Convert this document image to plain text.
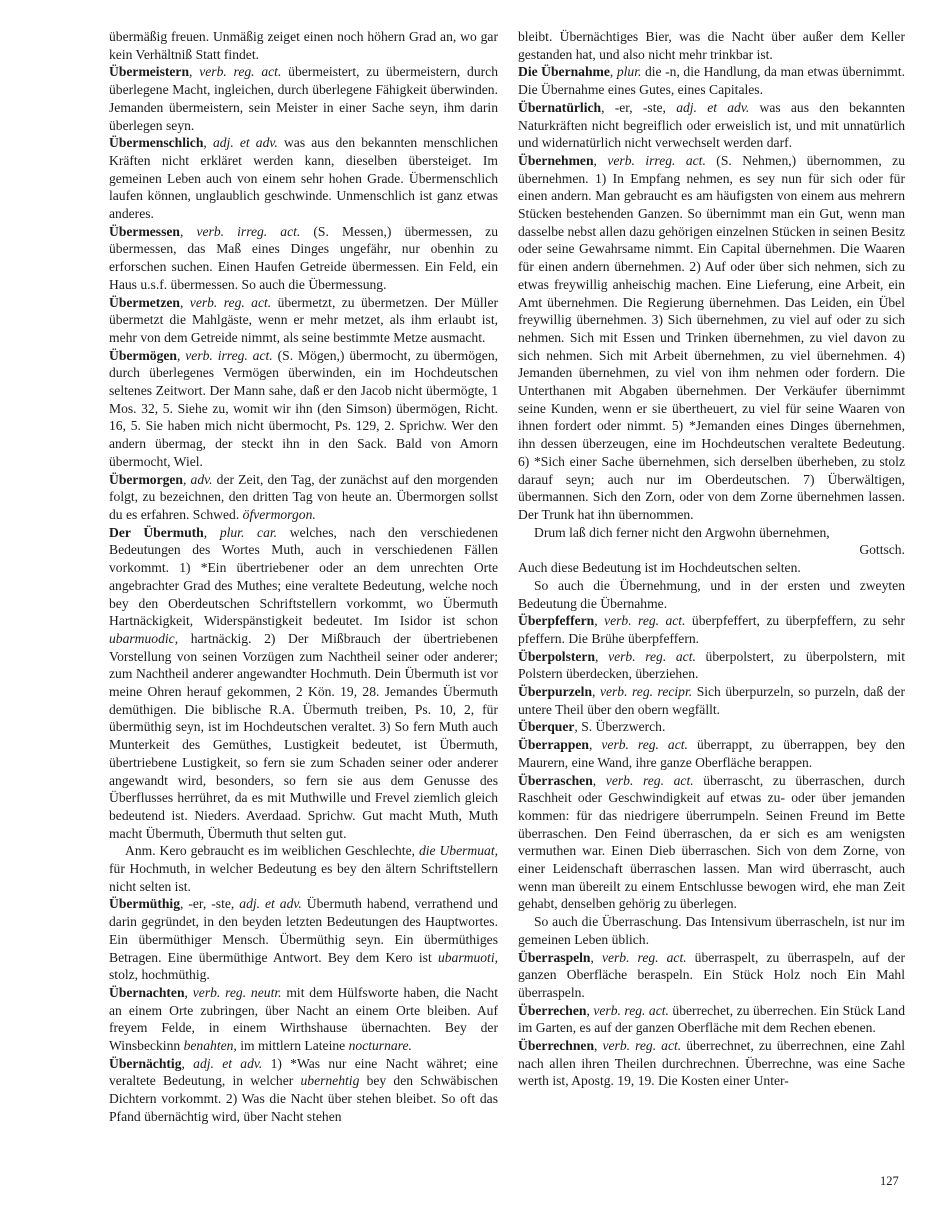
übermäßig freuen. Unmäßig zeiget einen noch höhern Grad an, wo gar kein Verhältniß Statt findet.

Übermeistern, verb. reg. act. übermeistert, zu übermeistern, durch überlegene Macht, ingleichen, durch überlegene Fähigkeit überwinden. Jemanden übermeistern, sein Meister in einer Sache seyn, ihm darin überlegen seyn.

Übermenschlich, adj. et adv. was aus den bekannten menschlichen Kräften nicht erkläret werden kann, dieselben übersteiget. Im gemeinen Leben auch von einem sehr hohen Grade. Übermenschlich laufen können, unglaublich geschwinde. Unmenschlich ist ganz etwas anderes.

Übermessen, verb. irreg. act. (S. Messen,) übermessen, zu übermessen, das Maß eines Dinges ungefähr, nur obenhin zu erforschen suchen. Einen Haufen Getreide übermessen. Ein Feld, ein Haus u.s.f. übermessen. So auch die Übermessung.

Übermetzen, verb. reg. act. übermetzt, zu übermetzen. Der Müller übermetzt die Mahlgäste, wenn er mehr metzet, als ihm erlaubt ist, mehr von dem Getreide nimmt, als seine bestimmte Metze ausmacht.

Übermögen, verb. irreg. act. (S. Mögen,) übermocht, zu übermögen, durch überlegenes Vermögen überwinden, ein im Hochdeutschen seltenes Zeitwort. Der Mann sahe, daß er den Jacob nicht übermögte, 1 Mos. 32, 5. Siehe zu, womit wir ihn (den Simson) übermögen, Richt. 16, 5. Sie haben mich nicht übermocht, Ps. 129, 2. Sprichw. Wer den andern übermag, der steckt ihn in den Sack. Bald von Amorn übermocht, Wiel.

Übermorgen, adv. der Zeit, den Tag, der zunächst auf den morgenden folgt, zu bezeichnen, den dritten Tag von heute an. Übermorgen sollst du es erfahren. Schwed. öfvermorgon.

Der Übermuth, plur. car. welches, nach den verschiedenen Bedeutungen des Wortes Muth, auch in verschiedenen Fällen vorkommt. 1) *Ein übertriebener oder an dem unrechten Orte angebrachter Grad des Muthes; eine veraltete Bedeutung, welche noch bey den Oberdeutschen Schriftstellern vorkommt, wo Übermuth Hartnäckigkeit, Widerspänstigkeit bedeutet. Im Isidor ist schon ubarmuodic, hartnäckig. 2) Der Mißbrauch der übertriebenen Vorstellung von seinen Vorzügen zum Nachtheil seiner oder anderer; zum Nachtheil anderer angewandter Hochmuth. Dein Übermuth ist vor meine Ohren herauf gekommen, 2 Kön. 19, 28. Jemandes Übermuth demüthigen. Die biblische R.A. Übermuth treiben, Ps. 10, 2, für übermüthig seyn, ist im Hochdeutschen veraltet. 3) So fern Muth auch Munterkeit des Gemüthes, Lustigkeit bedeutet, ist Übermuth, übertriebene Lustigkeit, so fern sie zum Schaden seiner oder anderer angewandt wird, besonders, so fern sie aus dem Genusse des Überflusses herrühret, da es mit Muthwille und Frevel ziemlich gleich bedeutend ist. Nieders. Averdaad. Sprichw. Gut macht Muth, Muth macht Übermuth, Übermuth thut selten gut.

Anm. Kero gebraucht es im weiblichen Geschlechte, die Ubermuat, für Hochmuth, in welcher Bedeutung es bey den ältern Schriftstellern nicht selten ist.

Übermüthig, -er, -ste, adj. et adv. Übermuth habend, verrathend und darin gegründet, in den beyden letzten Bedeutungen des Hauptwortes. Ein übermüthiger Mensch. Übermüthig seyn. Ein übermüthiges Betragen. Eine übermüthige Antwort. Bey dem Kero ist ubarmuoti, stolz, hochmüthig.

Übernachten, verb. reg. neutr. mit dem Hülfsworte haben, die Nacht an einem Orte zubringen, über Nacht an einem Orte bleiben. Auf freyem Felde, in einem Wirthshause übernachten. Bey der Winsbeckinn benahten, im mittlern Lateine nocturnare.

Übernächtig, adj. et adv. 1) *Was nur eine Nacht währet; eine veraltete Bedeutung, in welcher ubernehtig bey den Schwäbischen Dichtern vorkommt. 2) Was die Nacht über stehen bleibet. So oft das Pfand übernächtig wird, über Nacht stehen

bleibt. Übernächtiges Bier, was die Nacht über außer dem Keller gestanden hat, und also nicht mehr trinkbar ist.

Die Übernahme, plur. die -n, die Handlung, da man etwas übernimmt. Die Übernahme eines Gutes, eines Capitales.

Übernatürlich, -er, -ste, adj. et adv. was aus den bekannten Naturkräften nicht begreiflich oder erweislich ist, und mit unnatürlich und widernatürlich nicht verwechselt werden darf.

Übernehmen, verb. irreg. act. (S. Nehmen,) übernommen, zu übernehmen. 1) In Empfang nehmen, es sey nun für sich oder für einen andern. Man gebraucht es am häufigsten von einem aus mehrern Stücken bestehenden Ganzen. So übernimmt man ein Gut, wenn man dasselbe nebst allen dazu gehörigen einzelnen Stücken in seinen Besitz oder seine Gewahrsame nimmt. Ein Capital übernehmen. Die Waaren für einen andern übernehmen. 2) Auf oder über sich nehmen, sich zu etwas freywillig anheischig machen. Eine Lieferung, eine Arbeit, ein Amt übernehmen. Die Regierung übernehmen. Das Leiden, ein Übel freywillig übernehmen. 3) Sich übernehmen, zu viel auf oder zu sich nehmen. Sich mit Essen und Trinken übernehmen, zu viel davon zu sich nehmen. Sich mit Arbeit übernehmen, zu viel übernehmen. 4) Jemanden übernehmen, zu viel von ihm nehmen oder fordern. Die Unterthanen mit Abgaben übernehmen. Der Verkäufer übernimmt seine Kunden, wenn er sie übertheuert, zu viel für seine Waaren von ihnen fordert oder nimmt. 5) *Jemanden eines Dinges übernehmen, ihn dessen überzeugen, eine im Hochdeutschen veraltete Bedeutung. 6) *Sich einer Sache übernehmen, sich derselben überheben, zu stolz darauf seyn; auch nur im Oberdeutschen. 7) Überwältigen, übermannen. Sich den Zorn, oder von dem Zorne übernehmen lassen. Der Trunk hat ihn übernommen.

Drum laß dich ferner nicht den Argwohn übernehmen,

Gottsch.

Auch diese Bedeutung ist im Hochdeutschen selten.

So auch die Übernehmung, und in der ersten und zweyten Bedeutung die Übernahme.

Überpfeffern, verb. reg. act. überpfeffert, zu überpfeffern, zu sehr pfeffern. Die Brühe überpfeffern.

Überpolstern, verb. reg. act. überpolstert, zu überpolstern, mit Polstern überdecken, überziehen.

Überpurzeln, verb. reg. recipr. Sich überpurzeln, so purzeln, daß der untere Theil über den obern wegfällt.

Überquer, S. Überzwerch.

Überrappen, verb. reg. act. überrappt, zu überrappen, bey den Maurern, eine Wand, ihre ganze Oberfläche berappen.

Überraschen, verb. reg. act. überrascht, zu überraschen, durch Raschheit oder Geschwindigkeit auf etwas zu- oder über jemanden kommen: für das niedrigere überrumpeln. Seinen Freund im Bette überraschen. Den Feind überraschen, da er sich es am wenigsten vermuthen war. Einen Dieb überraschen. Sich von dem Zorne, von einer Leidenschaft überraschen lassen. Man wird überrascht, auch wenn man übereilt zu einem Entschlusse bewogen wird, ehe man Zeit gehabt, denselben gehörig zu überlegen.

So auch die Überraschung. Das Intensivum überrascheln, ist nur im gemeinen Leben üblich.

Überraspeln, verb. reg. act. überraspelt, zu überraspeln, auf der ganzen Oberfläche beraspeln. Ein Stück Holz noch Ein Mahl überraspeln.

Überrechen, verb. reg. act. überrechet, zu überrechen. Ein Stück Land im Garten, es auf der ganzen Oberfläche mit dem Rechen ebenen.

Überrechnen, verb. reg. act. überrechnet, zu überrechnen, eine Zahl nach allen ihren Theilen durchrechnen. Überrechne, was eine Sache werth ist, Apostg. 19, 19. Die Kosten einer Unter-

127
